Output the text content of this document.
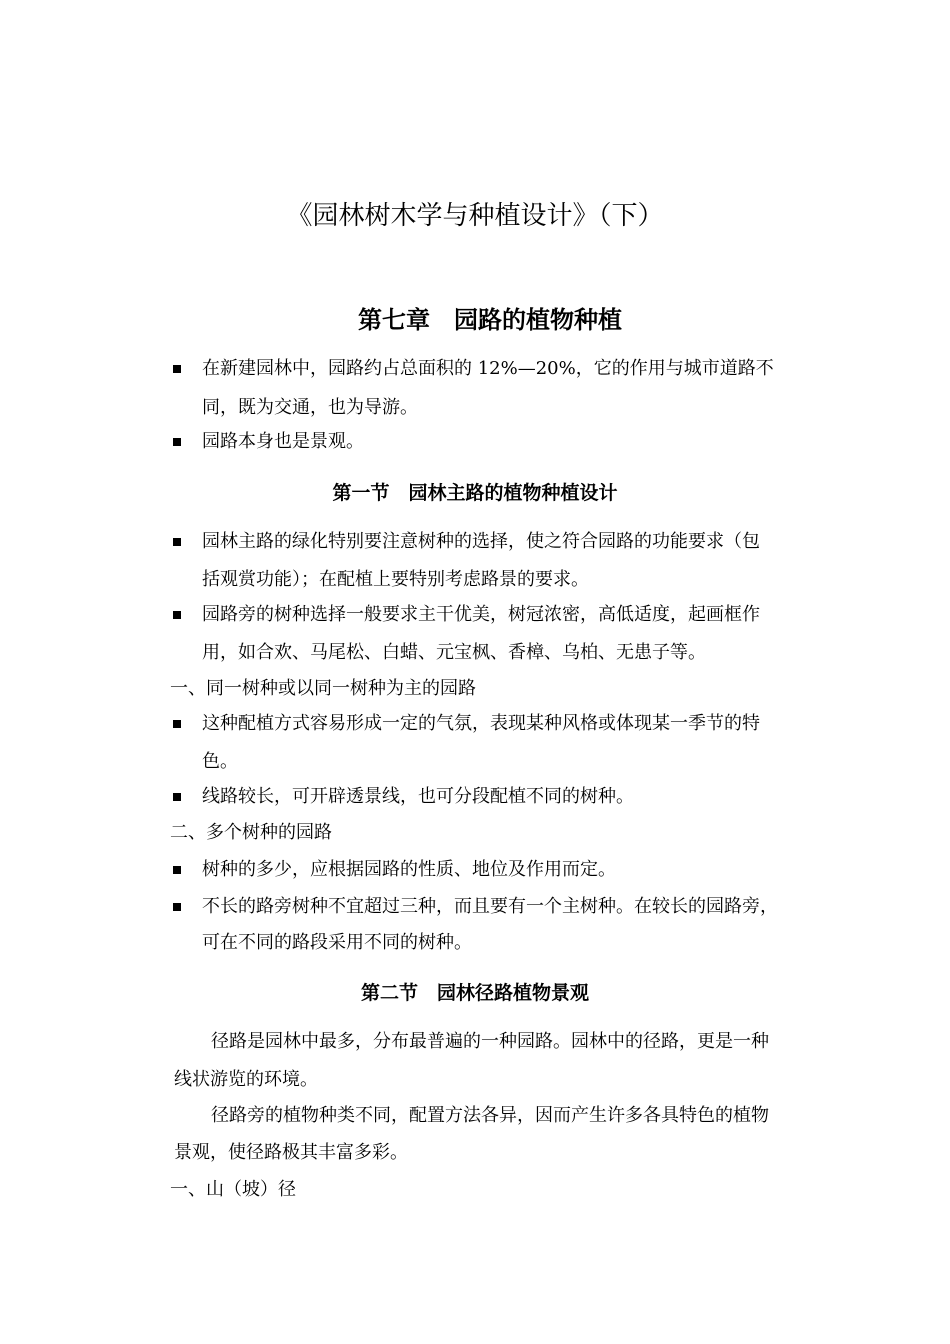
《园林树木学与种植设计》（下）
第七章　园路的植物种植
在新建园林中，园路约占总面积的 12%—20%，它的作用与城市道路不
同，既为交通，也为导游。
园路本身也是景观。
第一节　园林主路的植物种植设计
园林主路的绿化特别要注意树种的选择，使之符合园路的功能要求（包
括观赏功能）；在配植上要特别考虑路景的要求。
园路旁的树种选择一般要求主干优美，树冠浓密，高低适度，起画框作
用，如合欢、马尾松、白蜡、元宝枫、香樟、乌柏、无患子等。
一、同一树种或以同一树种为主的园路
这种配植方式容易形成一定的气氛，表现某种风格或体现某一季节的特
色。
线路较长，可开辟透景线，也可分段配植不同的树种。
二、多个树种的园路
树种的多少，应根据园路的性质、地位及作用而定。
不长的路旁树种不宜超过三种，而且要有一个主树种。在较长的园路旁，
可在不同的路段采用不同的树种。
第二节　园林径路植物景观
径路是园林中最多，分布最普遍的一种园路。园林中的径路，更是一种
线状游览的环境。
径路旁的植物种类不同，配置方法各异，因而产生许多各具特色的植物
景观，使径路极其丰富多彩。
一、山（坡）径
